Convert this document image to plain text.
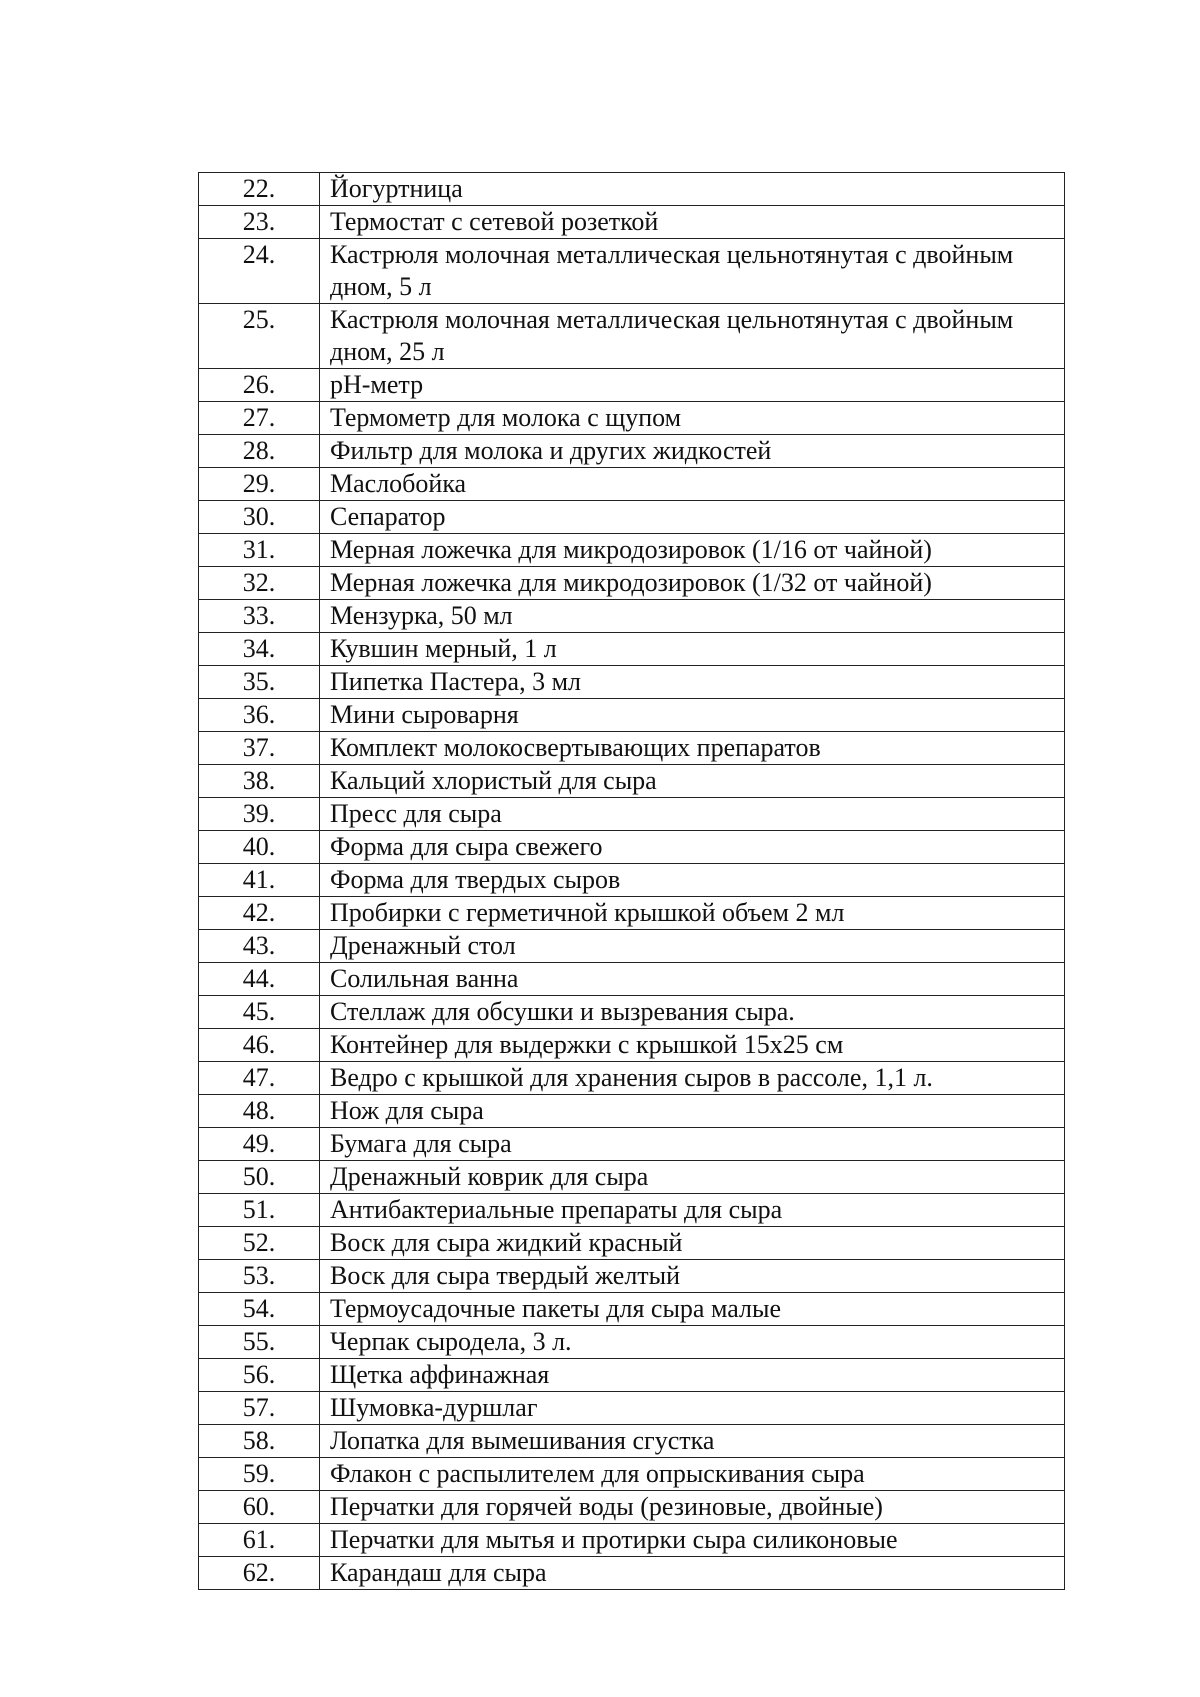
22.	Йогуртница
23.	Термостат с сетевой розеткой
24.	Кастрюля молочная металлическая цельнотянутая с двойным дном, 5 л
25.	Кастрюля молочная металлическая цельнотянутая с двойным дном, 25 л
26.	pH-метр
27.	Термометр для молока с щупом
28.	Фильтр для молока и других жидкостей
29.	Маслобойка
30.	Сепаратор
31.	Мерная ложечка для микродозировок (1/16 от чайной)
32.	Мерная ложечка для микродозировок (1/32 от чайной)
33.	Мензурка, 50 мл
34.	Кувшин мерный, 1 л
35.	Пипетка Пастера, 3 мл
36.	Мини сыроварня
37.	Комплект молокосвертывающих препаратов
38.	Кальций хлористый для сыра
39.	Пресс для сыра
40.	Форма для сыра свежего
41.	Форма для твердых сыров
42.	Пробирки с герметичной крышкой объем 2 мл
43.	Дренажный стол
44.	Солильная ванна
45.	Стеллаж для обсушки и вызревания сыра.
46.	Контейнер для выдержки с крышкой 15х25 см
47.	Ведро с крышкой для хранения сыров в рассоле, 1,1 л.
48.	Нож для сыра
49.	Бумага для сыра
50.	Дренажный коврик для сыра
51.	Антибактериальные препараты для сыра
52.	Воск для сыра жидкий красный
53.	Воск для сыра твердый желтый
54.	Термоусадочные пакеты для сыра малые
55.	Черпак сыродела, 3 л.
56.	Щетка аффинажная
57.	Шумовка-дуршлаг
58.	Лопатка для вымешивания сгустка
59.	Флакон с распылителем для опрыскивания сыра
60.	Перчатки для горячей воды (резиновые, двойные)
61.	Перчатки для мытья и протирки сыра силиконовые
62.	Карандаш для сыра
